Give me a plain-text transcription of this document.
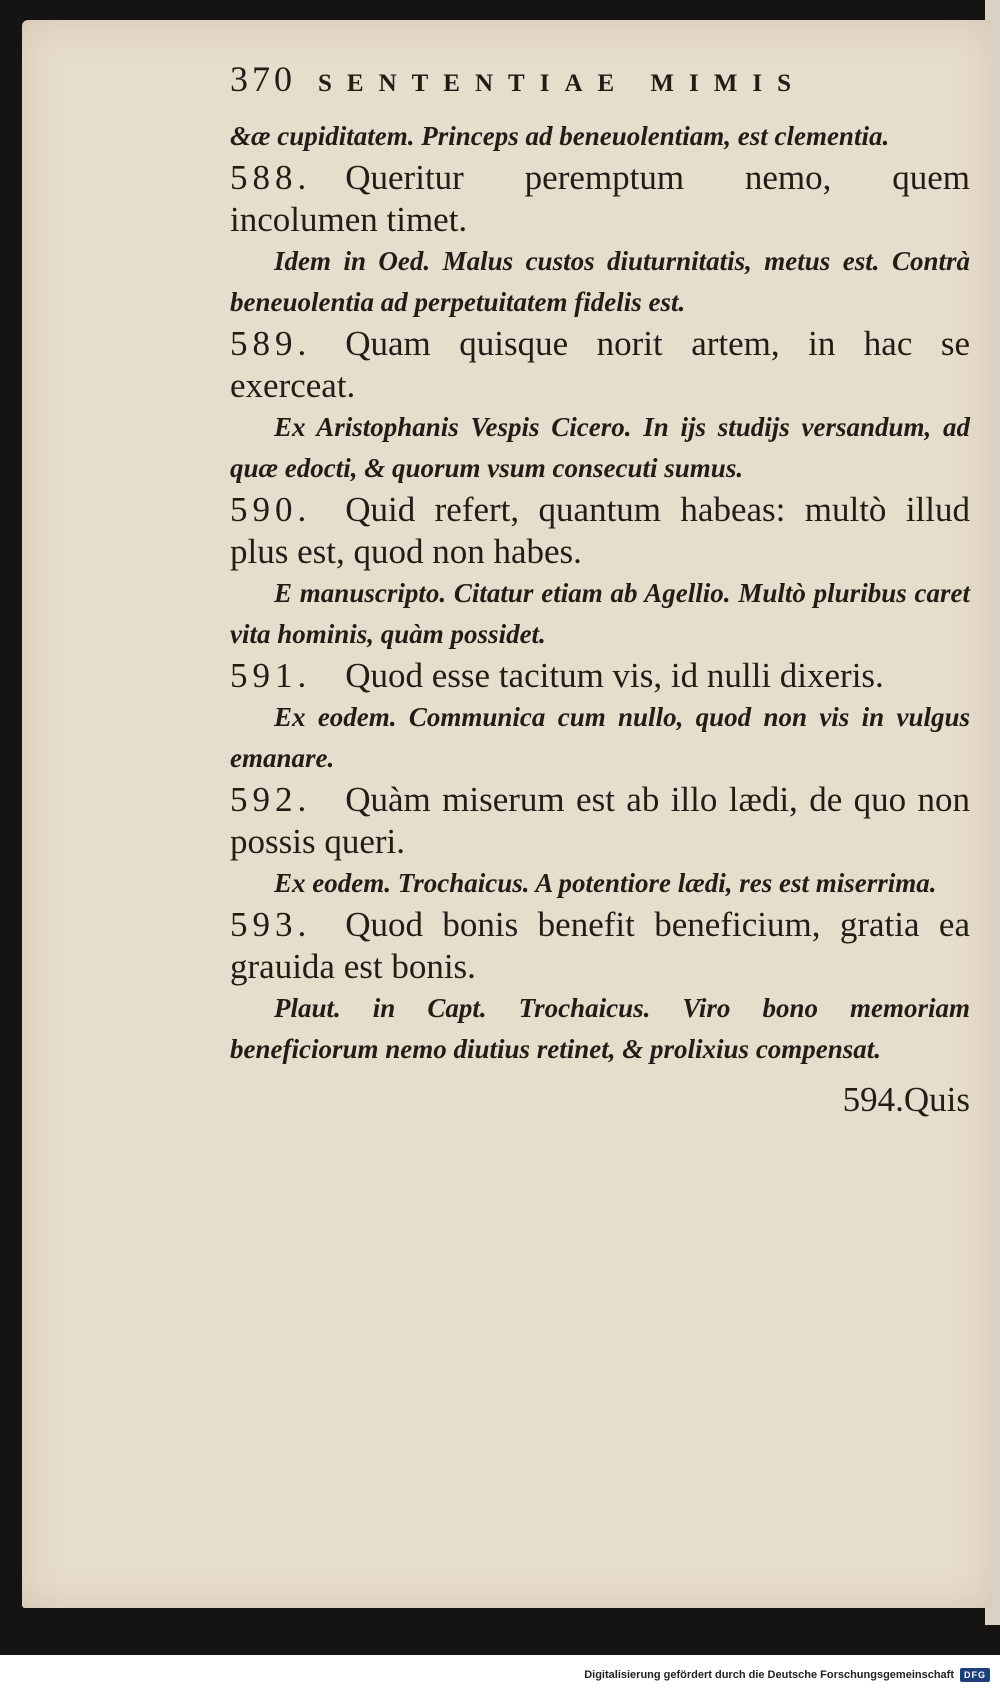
370 SENTENTIAE MIMIS

&æ cupiditatem. Princeps ad beneuolentiam, est clementia.

588. Queritur peremptum nemo, quem incolumen timet.

Idem in Oed. Malus custos diuturnitatis, metus est. Contrà beneuolentia ad perpetuitatem fidelis est.

589. Quam quisque norit artem, in hac se exerceat.

Ex Aristophanis Vespis Cicero. In ijs studijs versandum, ad quæ edocti, & quorum vsum consecuti sumus.

590. Quid refert, quantum habeas: multò illud plus est, quod non habes.

E manuscripto. Citatur etiam ab Agellio. Multò pluribus caret vita hominis, quàm possidet.

591. Quod esse tacitum vis, id nulli dixeris.

Ex eodem. Communica cum nullo, quod non vis in vulgus emanare.

592. Quàm miserum est ab illo lædi, de quo non possis queri.

Ex eodem. Trochaicus. A potentiore lædi, res est miserrima.

593. Quod bonis benefit beneficium, gratia ea grauida est bonis.

Plaut. in Capt. Trochaicus. Viro bono memoriam beneficiorum nemo diutius retinet, & prolixius compensat.

594.Quis
Digitalisierung gefördert durch die Deutsche Forschungsgemeinschaft	DFG
